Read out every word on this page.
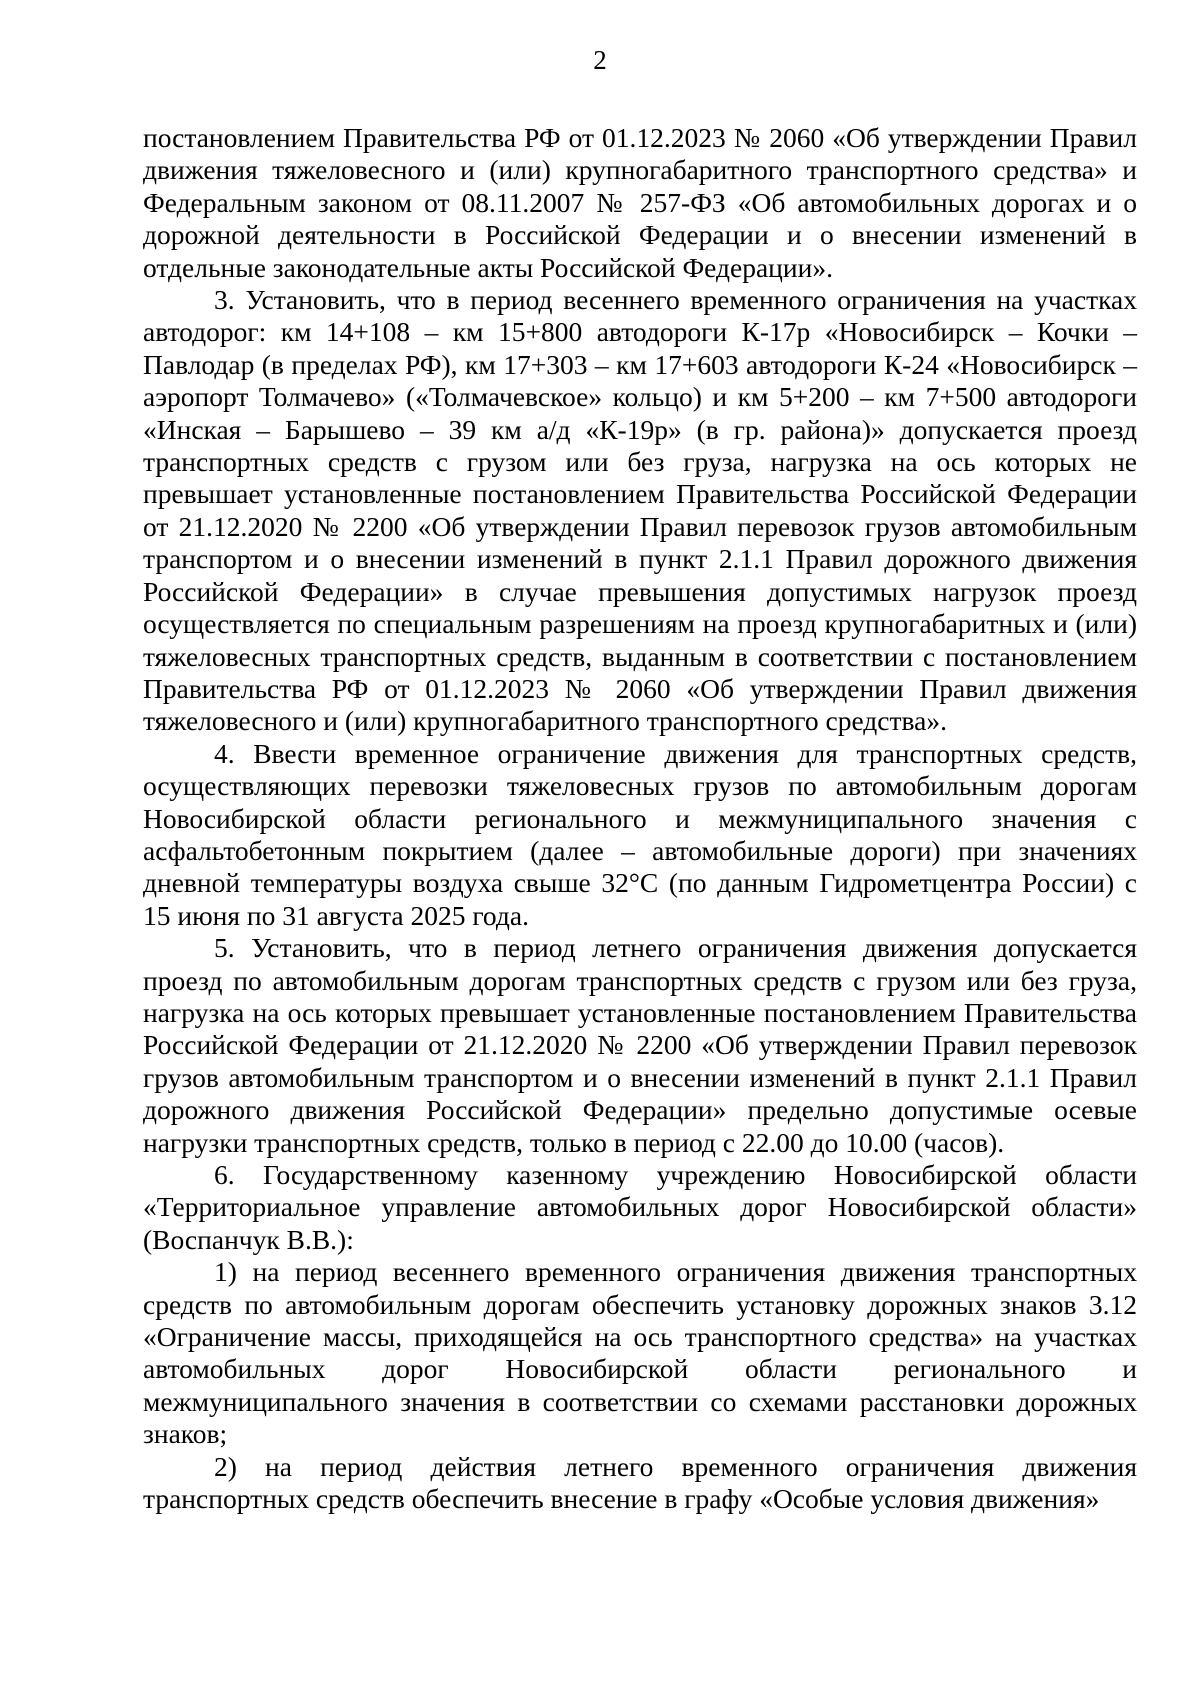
2

постановлением Правительства РФ от 01.12.2023 № 2060 «Об утверждении Правил движения тяжеловесного и (или) крупногабаритного транспортного средства» и Федеральным законом от 08.11.2007 № 257-ФЗ «Об автомобильных дорогах и о дорожной деятельности в Российской Федерации и о внесении изменений в отдельные законодательные акты Российской Федерации».

3. Установить, что в период весеннего временного ограничения на участках автодорог: км 14+108 – км 15+800 автодороги К-17р «Новосибирск – Кочки – Павлодар (в пределах РФ), км 17+303 – км 17+603 автодороги К-24 «Новосибирск – аэропорт Толмачево» («Толмачевское» кольцо) и км 5+200 – км 7+500 автодороги «Инская – Барышево – 39 км а/д «К-19р» (в гр. района)» допускается проезд транспортных средств с грузом или без груза, нагрузка на ось которых не превышает установленные постановлением Правительства Российской Федерации от 21.12.2020 № 2200 «Об утверждении Правил перевозок грузов автомобильным транспортом и о внесении изменений в пункт 2.1.1 Правил дорожного движения Российской Федерации» в случае превышения допустимых нагрузок проезд осуществляется по специальным разрешениям на проезд крупногабаритных и (или) тяжеловесных транспортных средств, выданным в соответствии с постановлением Правительства РФ от 01.12.2023 № 2060 «Об утверждении Правил движения тяжеловесного и (или) крупногабаритного транспортного средства».

4. Ввести временное ограничение движения для транспортных средств, осуществляющих перевозки тяжеловесных грузов по автомобильным дорогам Новосибирской области регионального и межмуниципального значения с асфальтобетонным покрытием (далее – автомобильные дороги) при значениях дневной температуры воздуха свыше 32°С (по данным Гидрометцентра России) с 15 июня по 31 августа 2025 года.

5. Установить, что в период летнего ограничения движения допускается проезд по автомобильным дорогам транспортных средств с грузом или без груза, нагрузка на ось которых превышает установленные постановлением Правительства Российской Федерации от 21.12.2020 № 2200 «Об утверждении Правил перевозок грузов автомобильным транспортом и о внесении изменений в пункт 2.1.1 Правил дорожного движения Российской Федерации» предельно допустимые осевые нагрузки транспортных средств, только в период с 22.00 до 10.00 (часов).

6. Государственному казенному учреждению Новосибирской области «Территориальное управление автомобильных дорог Новосибирской области» (Воспанчук В.В.):

1) на период весеннего временного ограничения движения транспортных средств по автомобильным дорогам обеспечить установку дорожных знаков 3.12 «Ограничение массы, приходящейся на ось транспортного средства» на участках автомобильных дорог Новосибирской области регионального и межмуниципального значения в соответствии со схемами расстановки дорожных знаков;

2) на период действия летнего временного ограничения движения транспортных средств обеспечить внесение в графу «Особые условия движения»
